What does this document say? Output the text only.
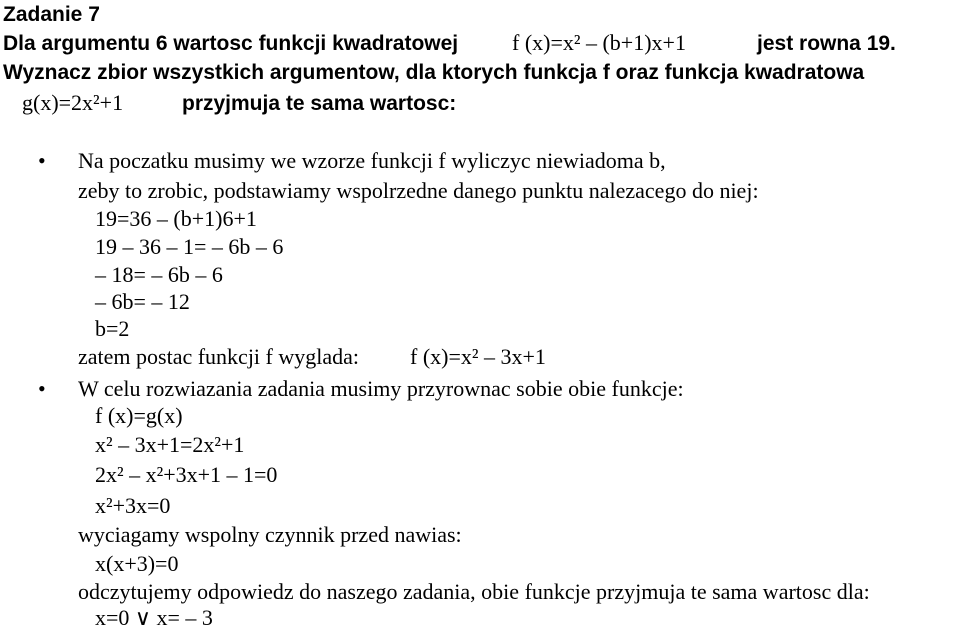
Zadanie 7
Dla argumentu 6 wartosc funkcji kwadratowej f (x)=x² – (b+1)x+1	jest rowna 19.
Wyznacz zbior wszystkich argumentow, dla ktorych funkcja f oraz funkcja kwadratowa
g(x)=2x²+1	przyjmuja te sama wartosc:
• Na poczatku musimy we wzorze funkcji f wyliczyc niewiadoma b,
zeby to zrobic, podstawiamy wspolrzedne danego punktu nalezacego do niej:
19=36 – (b+1)6+1
19 – 36 – 1= – 6b – 6
– 18= – 6b – 6
– 6b= – 12
b=2
zatem postac funkcji f wyglada: f (x)=x² – 3x+1
• W celu rozwiazania zadania musimy przyrownac sobie obie funkcje:
f (x)=g(x)
x² – 3x+1=2x²+1
2x² – x²+3x+1 – 1=0
x²+3x=0
wyciagamy wspolny czynnik przed nawias:
x(x+3)=0
odczytujemy odpowiedz do naszego zadania, obie funkcje przyjmuja te sama wartosc dla:
x=0 ∨ x= – 3
